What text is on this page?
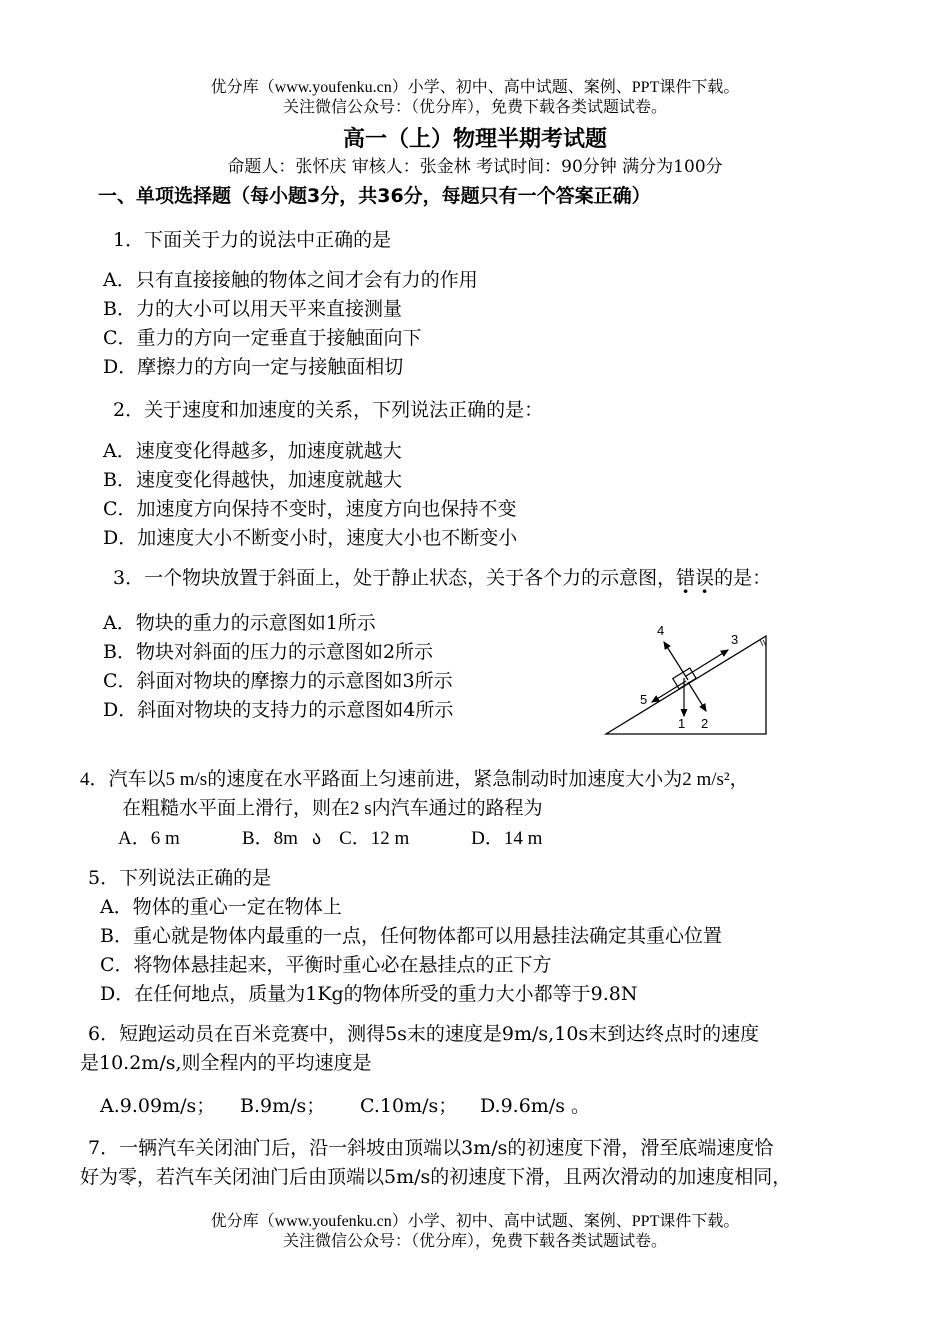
优分库（www.youfenku.cn）小学、初中、高中试题、案例、PPT课件下载。
关注微信公众号：（优分库），免费下载各类试题试卷。
高一（上）物理半期考试题
命题人：张怀庆 审核人：张金林 考试时间：90分钟 满分为100分
一、单项选择题（每小题3分，共36分，每题只有一个答案正确）
1．下面关于力的说法中正确的是
A．只有直接接触的物体之间才会有力的作用
B．力的大小可以用天平来直接测量
C．重力的方向一定垂直于接触面向下
D．摩擦力的方向一定与接触面相切
2．关于速度和加速度的关系，下列说法正确的是：
A．速度变化得越多，加速度就越大
B．速度变化得越快，加速度就越大
C．加速度方向保持不变时，速度方向也保持不变
D．加速度大小不断变小时，速度大小也不断变小
3．一个物块放置于斜面上，处于静止状态，关于各个力的示意图，错误的是：
A．物块的重力的示意图如1所示
B．物块对斜面的压力的示意图如2所示
C．斜面对物块的摩擦力的示意图如3所示
D．斜面对物块的支持力的示意图如4所示
1 2
3
4
5
4．汽车以5 m/s的速度在水平路面上匀速前进，紧急制动时加速度大小为2 m/s²，
在粗糙水平面上滑行，则在2 s内汽车通过的路程为
A．6 m	B．8m ა C．12 m	D．14 m
5．下列说法正确的是
A．物体的重心一定在物体上
B．重心就是物体内最重的一点，任何物体都可以用悬挂法确定其重心位置
C．将物体悬挂起来，平衡时重心必在悬挂点的正下方
D．在任何地点，质量为1Kg的物体所受的重力大小都等于9.8N
6．短跑运动员在百米竞赛中，测得5s末的速度是9m/s,10s末到达终点时的速度
是10.2m/s,则全程内的平均速度是
A.9.09m/s； B.9m/s； C.10m/s； D.9.6m/s 。
7．一辆汽车关闭油门后，沿一斜坡由顶端以3m/s的初速度下滑，滑至底端速度恰
好为零，若汽车关闭油门后由顶端以5m/s的初速度下滑，且两次滑动的加速度相同，
优分库（www.youfenku.cn）小学、初中、高中试题、案例、PPT课件下载。
关注微信公众号：（优分库），免费下载各类试题试卷。
